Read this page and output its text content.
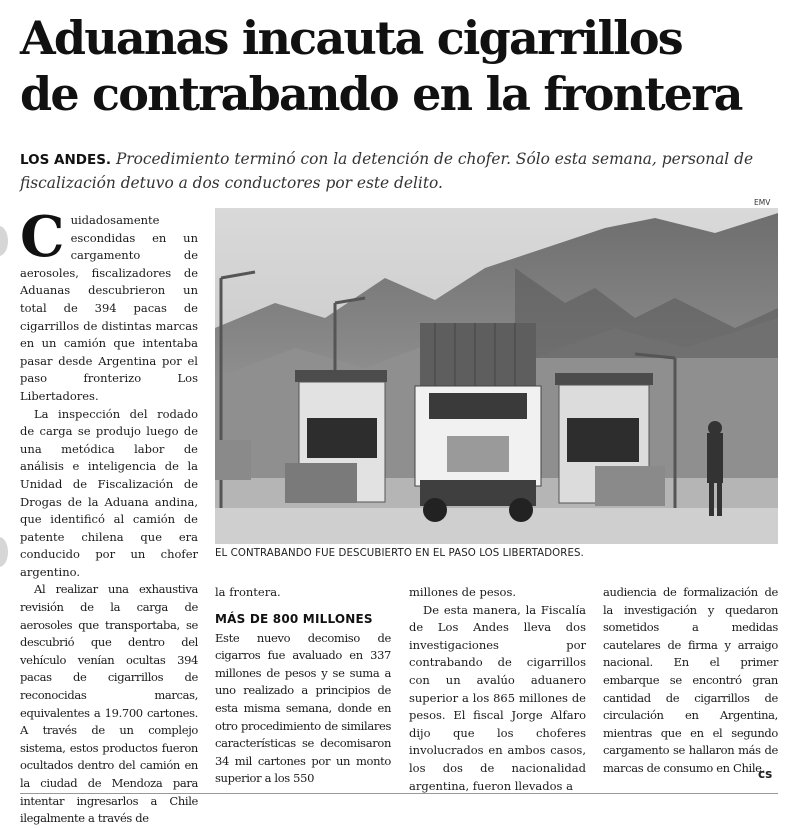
Aduanas incauta cigarrillos
de contrabando en la frontera
LOS ANDES. Procedimiento terminó con la detención de chofer. Sólo esta semana, personal de fiscalización detuvo a dos conductores por este delito.
EMV
EL CONTRABANDO FUE DESCUBIERTO EN EL PASO LOS LIBERTADORES.

Cuidadosamente escondidas en un cargamento de aerosoles, fiscalizadores de Aduanas descubrieron un total de 394 pacas de cigarrillos de distintas marcas en un camión que intentaba pasar desde Argentina por el paso fronterizo Los Libertadores.

La inspección del rodado de carga se produjo luego de una metódica labor de análisis e inteligencia de la Unidad de Fiscalización de Drogas de la Aduana andina, que identificó al camión de patente chilena que era conducido por un chofer argentino.

Al realizar una exhaustiva revisión de la carga de aerosoles que transportaba, se descubrió que dentro del vehículo venían ocultas 394 pacas de cigarrillos de reconocidas marcas, equivalentes a 19.700 cartones. A través de un complejo sistema, estos productos fueron ocultados dentro del camión en la ciudad de Mendoza para intentar ingresarlos a Chile ilegalmente a través de

la frontera.

MÁS DE 800 MILLONES

Este nuevo decomiso de cigarros fue avaluado en 337 millones de pesos y se suma a uno realizado a principios de esta misma semana, donde en otro procedimiento de similares características se decomisaron 34 mil cartones por un monto superior a los 550

millones de pesos.

De esta manera, la Fiscalía de Los Andes lleva dos investigaciones por contrabando de cigarrillos con un avalúo aduanero superior a los 865 millones de pesos. El fiscal Jorge Alfaro dijo que los choferes involucrados en ambos casos, los dos de nacionalidad argentina, fueron llevados a

audiencia de formalización de la investigación y quedaron sometidos a medidas cautelares de firma y arraigo nacional. En el primer embarque se encontró gran cantidad de cigarrillos de circulación en Argentina, mientras que en el segundo cargamento se hallaron más de marcas de consumo en Chile.

cs
